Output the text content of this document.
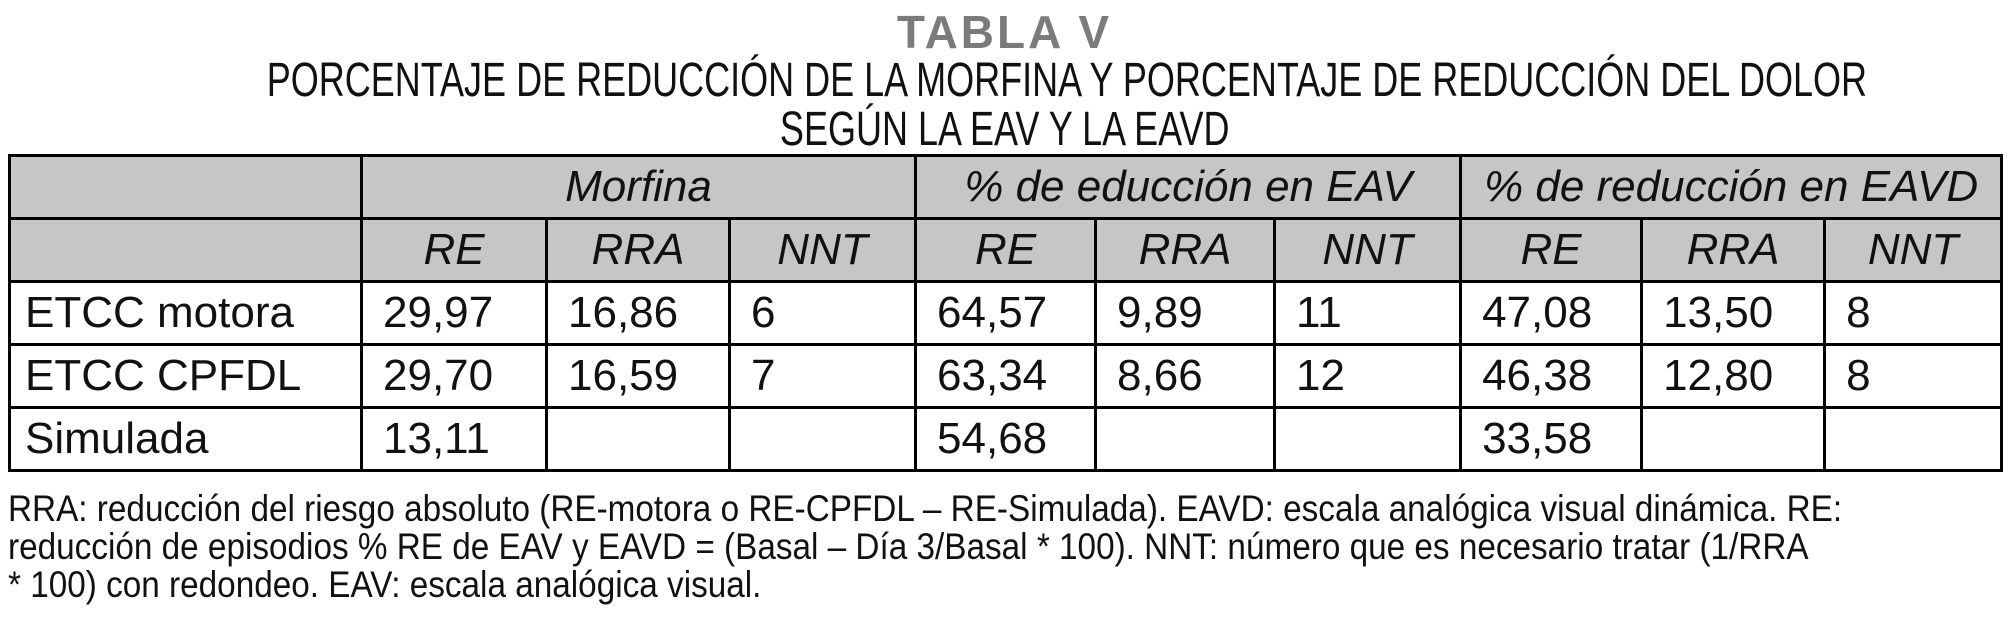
TABLA V
PORCENTAJE DE REDUCCIÓN DE LA MORFINA Y PORCENTAJE DE REDUCCIÓN DEL DOLOR
SEGÚN LA EAV Y LA EAVD
	Morfina			% de educción en EAV			% de reducción en EAVD		
	RE	RRA	NNT	RE	RRA	NNT	RE	RRA	NNT
ETCC motora	29,97	16,86	6	64,57	9,89	11	47,08	13,50	8
ETCC CPFDL	29,70	16,59	7	63,34	8,66	12	46,38	12,80	8
Simulada	13,11			54,68			33,58		
RRA: reducción del riesgo absoluto (RE-motora o RE-CPFDL – RE-Simulada). EAVD: escala analógica visual dinámica. RE:
reducción de episodios % RE de EAV y EAVD = (Basal – Día 3/Basal * 100). NNT: número que es necesario tratar (1/RRA
* 100) con redondeo. EAV: escala analógica visual.
